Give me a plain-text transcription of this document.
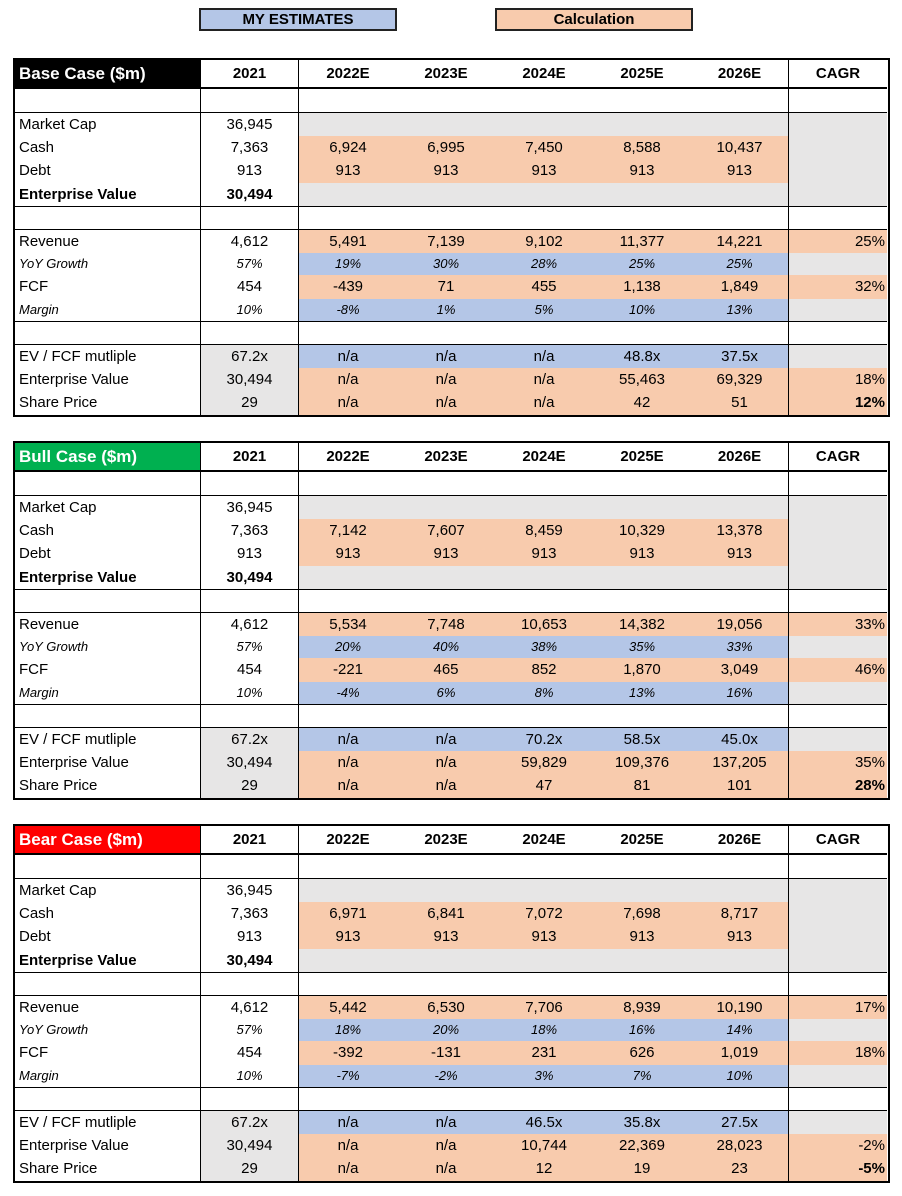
MY ESTIMATES	Calculation
Base Case ($m)	2021	2022E	2023E	2024E	2025E	2026E	CAGR
Market Cap	36,945
Cash	7,363	6,924	6,995	7,450	8,588	10,437
Debt	913	913	913	913	913	913
Enterprise Value	30,494
Revenue	4,612	5,491	7,139	9,102	11,377	14,221	25%
YoY Growth	57%	19%	30%	28%	25%	25%
FCF	454	-439	71	455	1,138	1,849	32%
Margin	10%	-8%	1%	5%	10%	13%
EV / FCF mutliple	67.2x	n/a	n/a	n/a	48.8x	37.5x
Enterprise Value	30,494	n/a	n/a	n/a	55,463	69,329	18%
Share Price	29	n/a	n/a	n/a	42	51	12%
Bull Case ($m)	2021	2022E	2023E	2024E	2025E	2026E	CAGR
Market Cap	36,945
Cash	7,363	7,142	7,607	8,459	10,329	13,378
Debt	913	913	913	913	913	913
Enterprise Value	30,494
Revenue	4,612	5,534	7,748	10,653	14,382	19,056	33%
YoY Growth	57%	20%	40%	38%	35%	33%
FCF	454	-221	465	852	1,870	3,049	46%
Margin	10%	-4%	6%	8%	13%	16%
EV / FCF mutliple	67.2x	n/a	n/a	70.2x	58.5x	45.0x
Enterprise Value	30,494	n/a	n/a	59,829	109,376	137,205	35%
Share Price	29	n/a	n/a	47	81	101	28%
Bear Case ($m)	2021	2022E	2023E	2024E	2025E	2026E	CAGR
Market Cap	36,945
Cash	7,363	6,971	6,841	7,072	7,698	8,717
Debt	913	913	913	913	913	913
Enterprise Value	30,494
Revenue	4,612	5,442	6,530	7,706	8,939	10,190	17%
YoY Growth	57%	18%	20%	18%	16%	14%
FCF	454	-392	-131	231	626	1,019	18%
Margin	10%	-7%	-2%	3%	7%	10%
EV / FCF mutliple	67.2x	n/a	n/a	46.5x	35.8x	27.5x
Enterprise Value	30,494	n/a	n/a	10,744	22,369	28,023	-2%
Share Price	29	n/a	n/a	12	19	23	-5%
